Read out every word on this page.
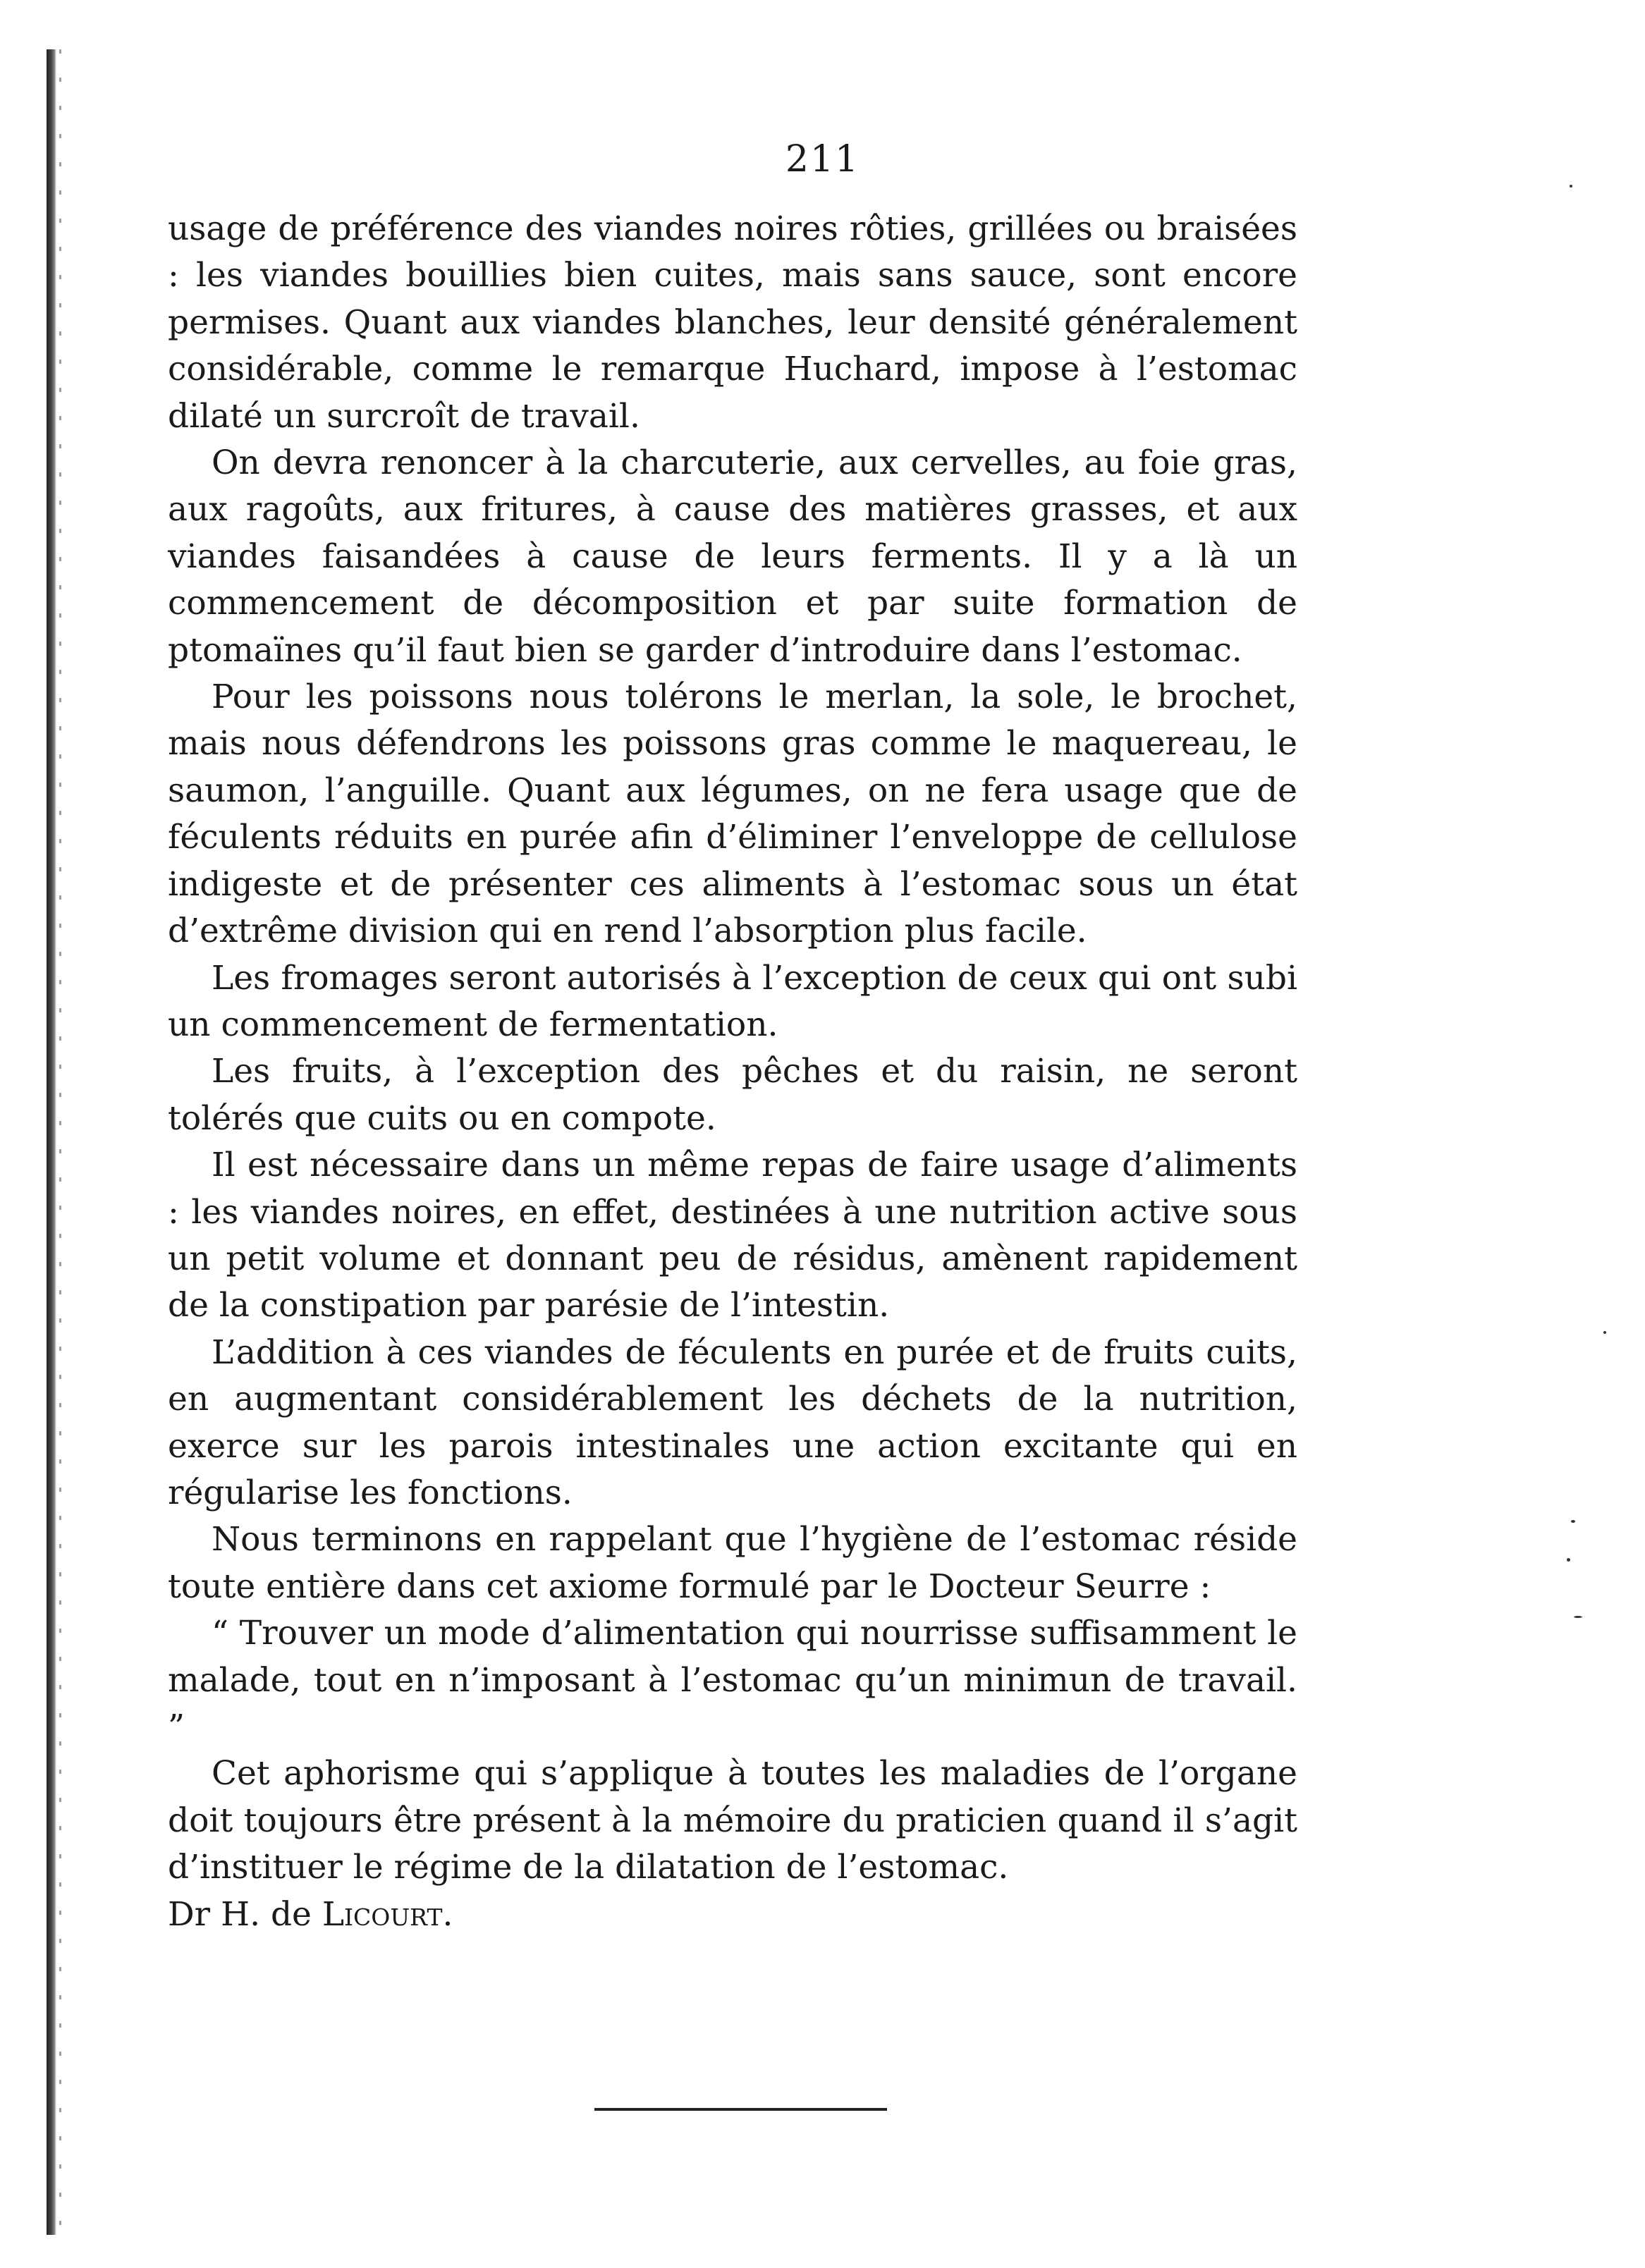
211

usage de préférence des viandes noires rôties, grillées ou braisées : les viandes bouillies bien cuites, mais sans sauce, sont encore permises. Quant aux viandes blanches, leur densité généralement considérable, comme le remarque Huchard, impose à l’estomac dilaté un surcroît de travail.

On devra renoncer à la charcuterie, aux cervelles, au foie gras, aux ragoûts, aux fritures, à cause des matières grasses, et aux viandes faisandées à cause de leurs ferments. Il y a là un commencement de décomposition et par suite formation de ptomaïnes qu’il faut bien se garder d’introduire dans l’estomac.

Pour les poissons nous tolérons le merlan, la sole, le brochet, mais nous défendrons les poissons gras comme le maquereau, le saumon, l’anguille. Quant aux légumes, on ne fera usage que de féculents réduits en purée afin d’éliminer l’enveloppe de cellulose indigeste et de présenter ces aliments à l’estomac sous un état d’extrême division qui en rend l’absorption plus facile.

Les fromages seront autorisés à l’exception de ceux qui ont subi un commencement de fermentation.

Les fruits, à l’exception des pêches et du raisin, ne seront tolérés que cuits ou en compote.

Il est nécessaire dans un même repas de faire usage d’aliments : les viandes noires, en effet, destinées à une nutrition active sous un petit volume et donnant peu de résidus, amènent rapidement de la constipation par parésie de l’intestin.

L’addition à ces viandes de féculents en purée et de fruits cuits, en augmentant considérablement les déchets de la nutrition, exerce sur les parois intestinales une action excitante qui en régularise les fonctions.

Nous terminons en rappelant que l’hygiène de l’estomac réside toute entière dans cet axiome formulé par le Docteur Seurre :

“ Trouver un mode d’alimentation qui nourrisse suffisamment le malade, tout en n’imposant à l’estomac qu’un minimun de travail. ”

Cet aphorisme qui s’applique à toutes les maladies de l’organe doit toujours être présent à la mémoire du praticien quand il s’agit d’instituer le régime de la dilatation de l’estomac.

Dr H. de Licourt.
